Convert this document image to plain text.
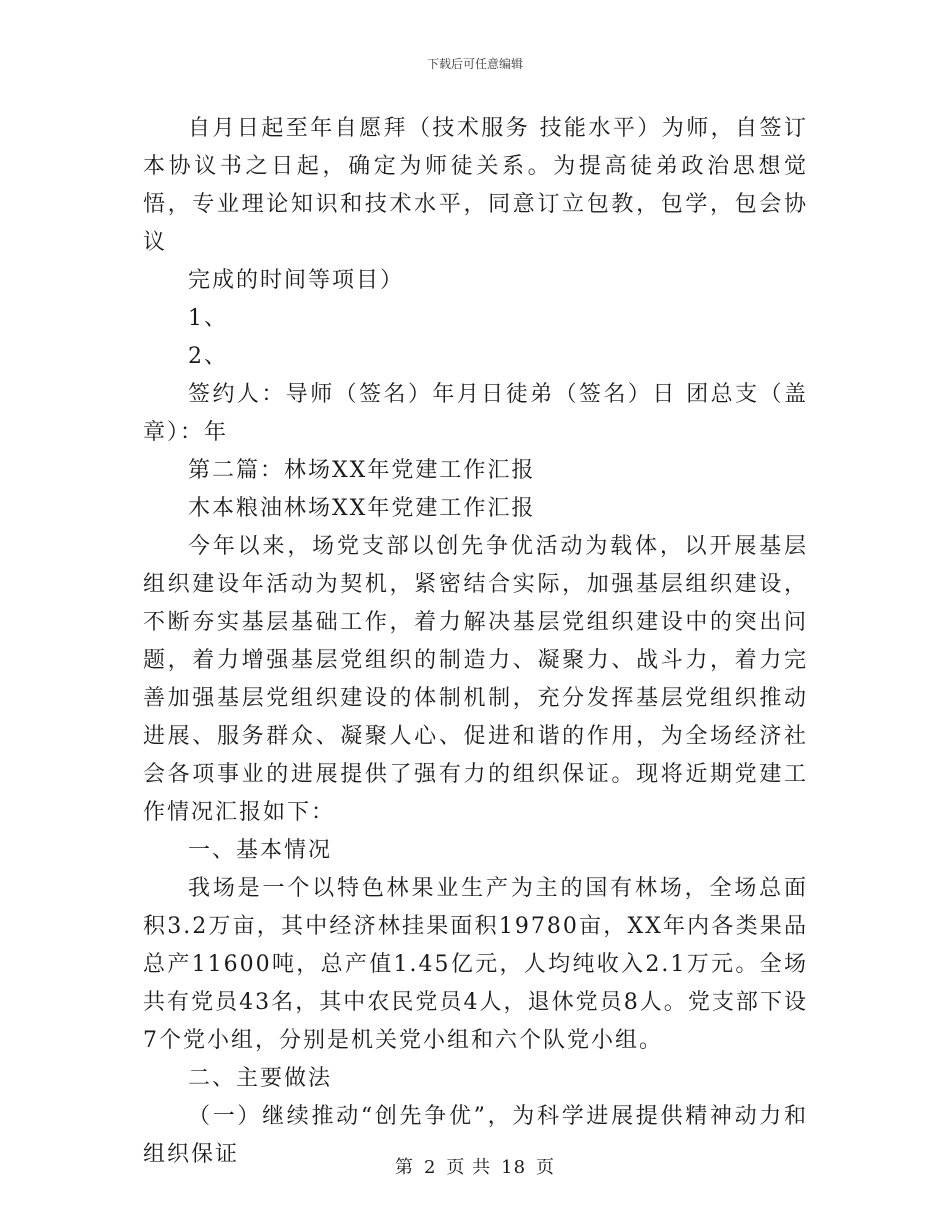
下载后可任意编辑

自月日起至年自愿拜（技术服务 技能水平）为师，自签订本协议书之日起，确定为师徒关系。为提高徒弟政治思想觉悟，专业理论知识和技术水平，同意订立包教，包学，包会协议

完成的时间等项目）

1、

2、

签约人：导师（签名）年月日徒弟（签名）日 团总支（盖章）：年

第二篇：林场XX年党建工作汇报

木本粮油林场XX年党建工作汇报

今年以来，场党支部以创先争优活动为载体，以开展基层组织建设年活动为契机，紧密结合实际，加强基层组织建设，不断夯实基层基础工作，着力解决基层党组织建设中的突出问题，着力增强基层党组织的制造力、凝聚力、战斗力，着力完善加强基层党组织建设的体制机制，充分发挥基层党组织推动进展、服务群众、凝聚人心、促进和谐的作用，为全场经济社会各项事业的进展提供了强有力的组织保证。现将近期党建工作情况汇报如下：

一、基本情况

我场是一个以特色林果业生产为主的国有林场，全场总面积3.2万亩，其中经济林挂果面积19780亩，XX年内各类果品总产11600吨，总产值1.45亿元，人均纯收入2.1万元。全场共有党员43名，其中农民党员4人，退休党员8人。党支部下设7个党小组，分别是机关党小组和六个队党小组。

二、主要做法

（一）继续推动“创先争优”，为科学进展提供精神动力和组织保证

第 2 页 共 18 页
